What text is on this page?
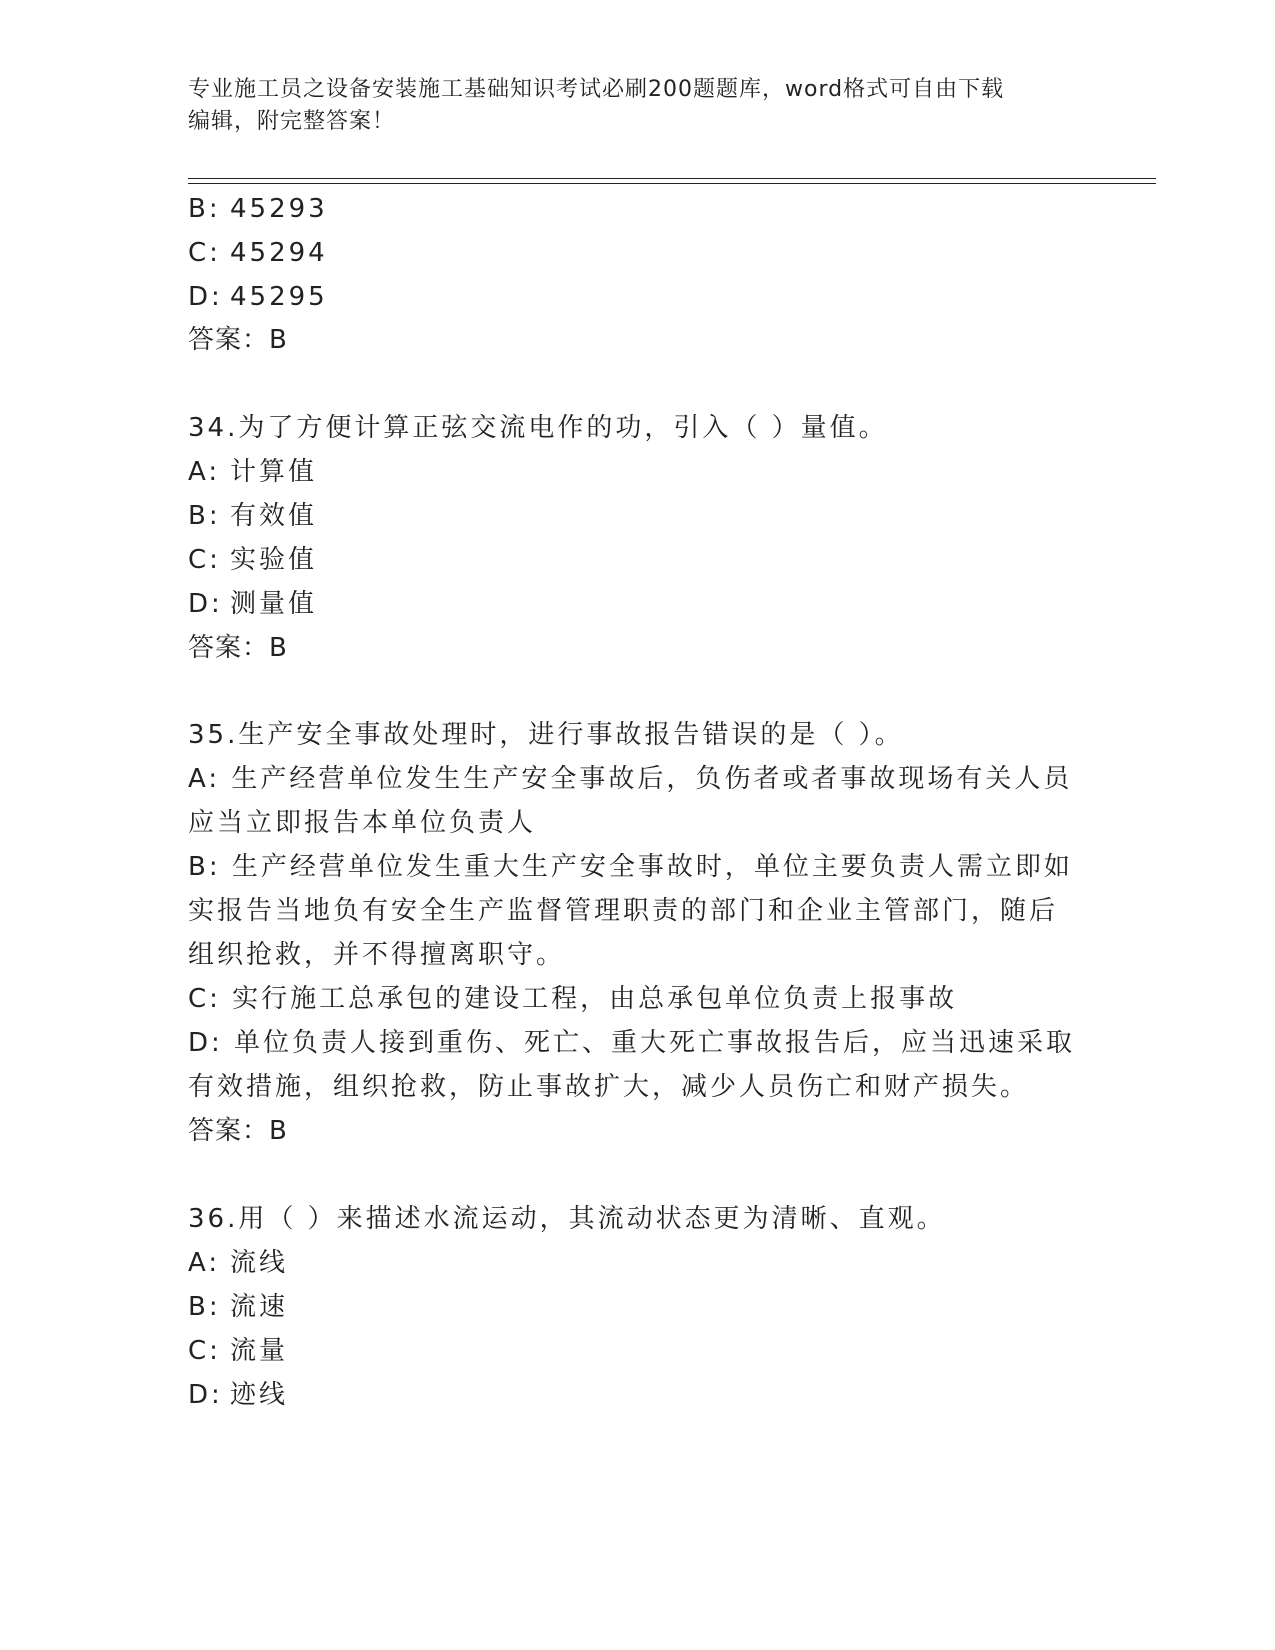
专业施工员之设备安装施工基础知识考试必刷200题题库，word格式可自由下载
编辑，附完整答案！
B: 45293
C: 45294
D: 45295
答案：B
34.为了方便计算正弦交流电作的功，引入（ ）量值。
A: 计算值
B: 有效值
C: 实验值
D: 测量值
答案：B
35.生产安全事故处理时，进行事故报告错误的是（ ）。
A: 生产经营单位发生生产安全事故后，负伤者或者事故现场有关人员
应当立即报告本单位负责人
B: 生产经营单位发生重大生产安全事故时，单位主要负责人需立即如
实报告当地负有安全生产监督管理职责的部门和企业主管部门，随后
组织抢救，并不得擅离职守。
C: 实行施工总承包的建设工程，由总承包单位负责上报事故
D: 单位负责人接到重伤、死亡、重大死亡事故报告后，应当迅速采取
有效措施，组织抢救，防止事故扩大，减少人员伤亡和财产损失。
答案：B
36.用（ ）来描述水流运动，其流动状态更为清晰、直观。
A: 流线
B: 流速
C: 流量
D: 迹线
